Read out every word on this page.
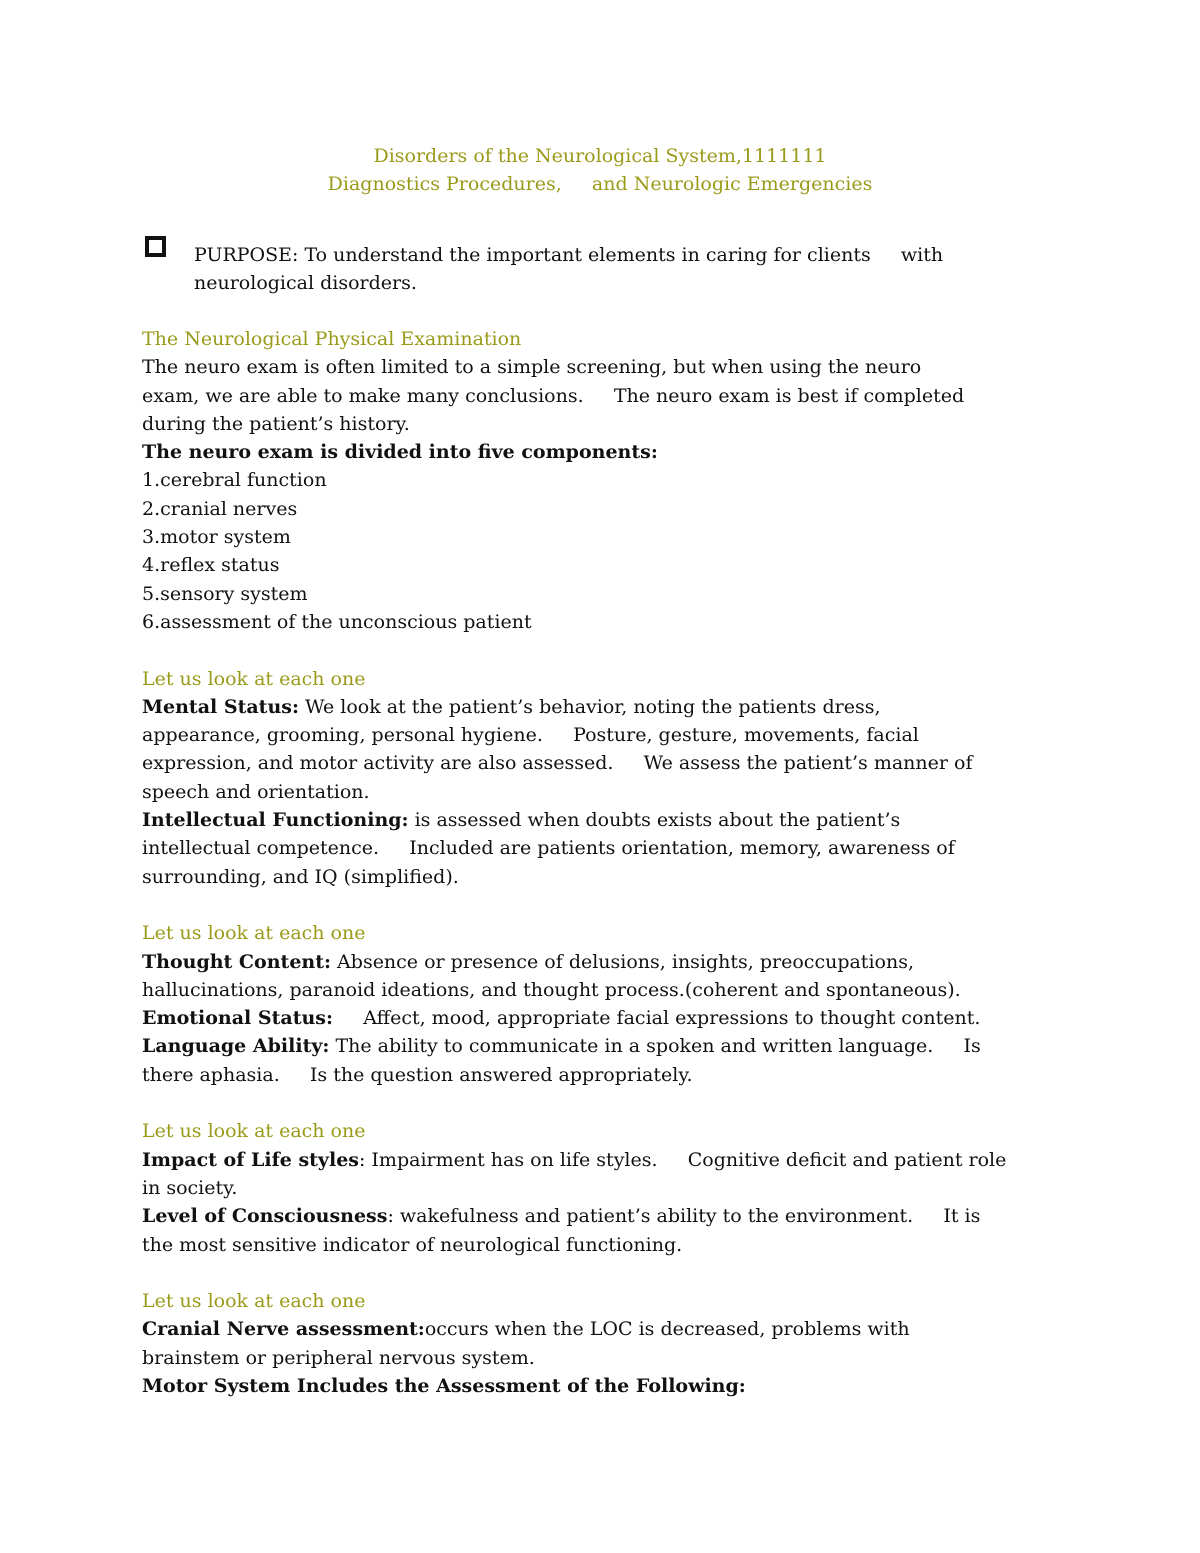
Disorders of the Neurological System,1111111
Diagnostics Procedures,     and Neurologic Emergencies
PURPOSE: To understand the important elements in caring for clients     with
neurological disorders.
The Neurological Physical Examination
The neuro exam is often limited to a simple screening, but when using the neuro
exam, we are able to make many conclusions.     The neuro exam is best if completed
during the patient’s history.
The neuro exam is divided into five components:
1.cerebral function
2.cranial nerves
3.motor system
4.reflex status
5.sensory system
6.assessment of the unconscious patient
Let us look at each one
Mental Status: We look at the patient’s behavior, noting the patients dress,
appearance, grooming, personal hygiene.     Posture, gesture, movements, facial
expression, and motor activity are also assessed.     We assess the patient’s manner of
speech and orientation.
Intellectual Functioning: is assessed when doubts exists about the patient’s
intellectual competence.     Included are patients orientation, memory, awareness of
surrounding, and IQ (simplified).
Let us look at each one
Thought Content: Absence or presence of delusions, insights, preoccupations,
hallucinations, paranoid ideations, and thought process.(coherent and spontaneous).
Emotional Status:     Affect, mood, appropriate facial expressions to thought content.
Language Ability: The ability to communicate in a spoken and written language.     Is
there aphasia.     Is the question answered appropriately.
Let us look at each one
Impact of Life styles: Impairment has on life styles.     Cognitive deficit and patient role
in society.
Level of Consciousness: wakefulness and patient’s ability to the environment.     It is
the most sensitive indicator of neurological functioning.
Let us look at each one
Cranial Nerve assessment:occurs when the LOC is decreased, problems with
brainstem or peripheral nervous system.
Motor System Includes the Assessment of the Following:
